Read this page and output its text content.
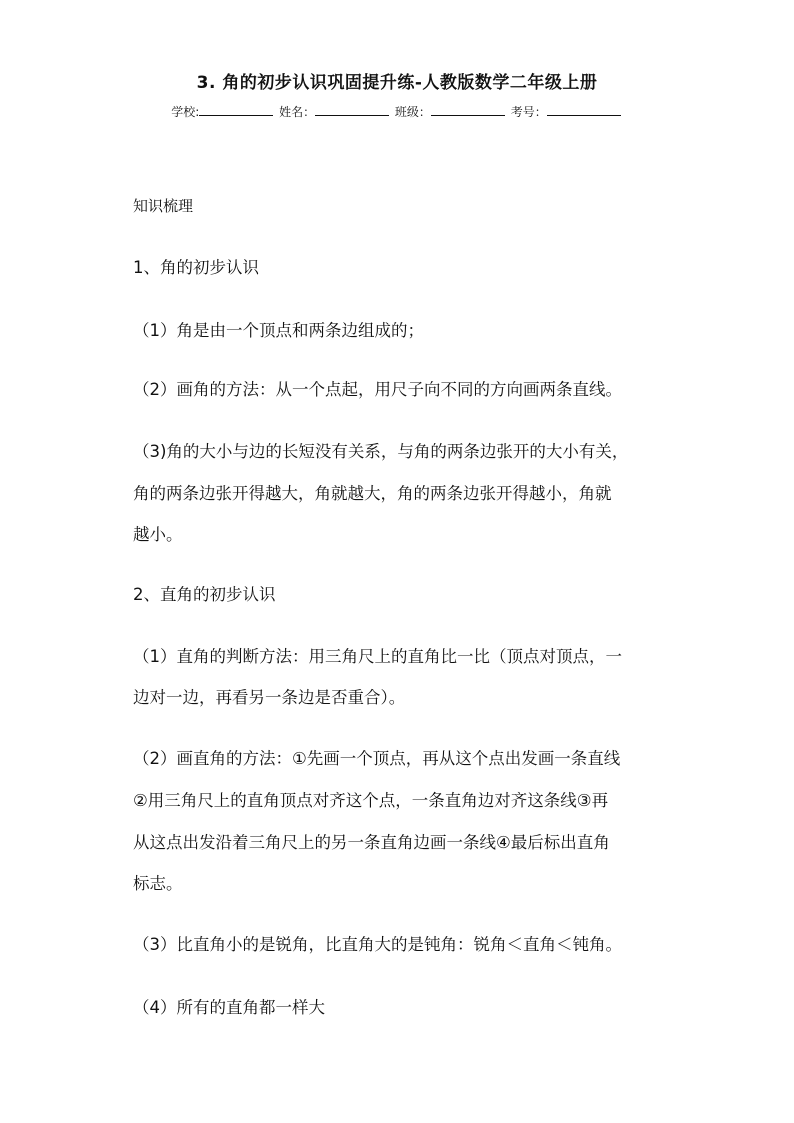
3. 角的初步认识巩固提升练-人教版数学二年级上册
学校:	姓名：	班级：	考号：
知识梳理
1、角的初步认识
（1）角是由一个顶点和两条边组成的；
（2）画角的方法：从一个点起，用尺子向不同的方向画两条直线。
（3)角的大小与边的长短没有关系，与角的两条边张开的大小有关，
角的两条边张开得越大，角就越大，角的两条边张开得越小，角就
越小。
2、直角的初步认识
（1）直角的判断方法：用三角尺上的直角比一比（顶点对顶点，一
边对一边，再看另一条边是否重合）。
（2）画直角的方法：①先画一个顶点，再从这个点出发画一条直线
②用三角尺上的直角顶点对齐这个点，一条直角边对齐这条线③再
从这点出发沿着三角尺上的另一条直角边画一条线④最后标出直角
标志。
（3）比直角小的是锐角，比直角大的是钝角：锐角＜直角＜钝角。
（4）所有的直角都一样大
